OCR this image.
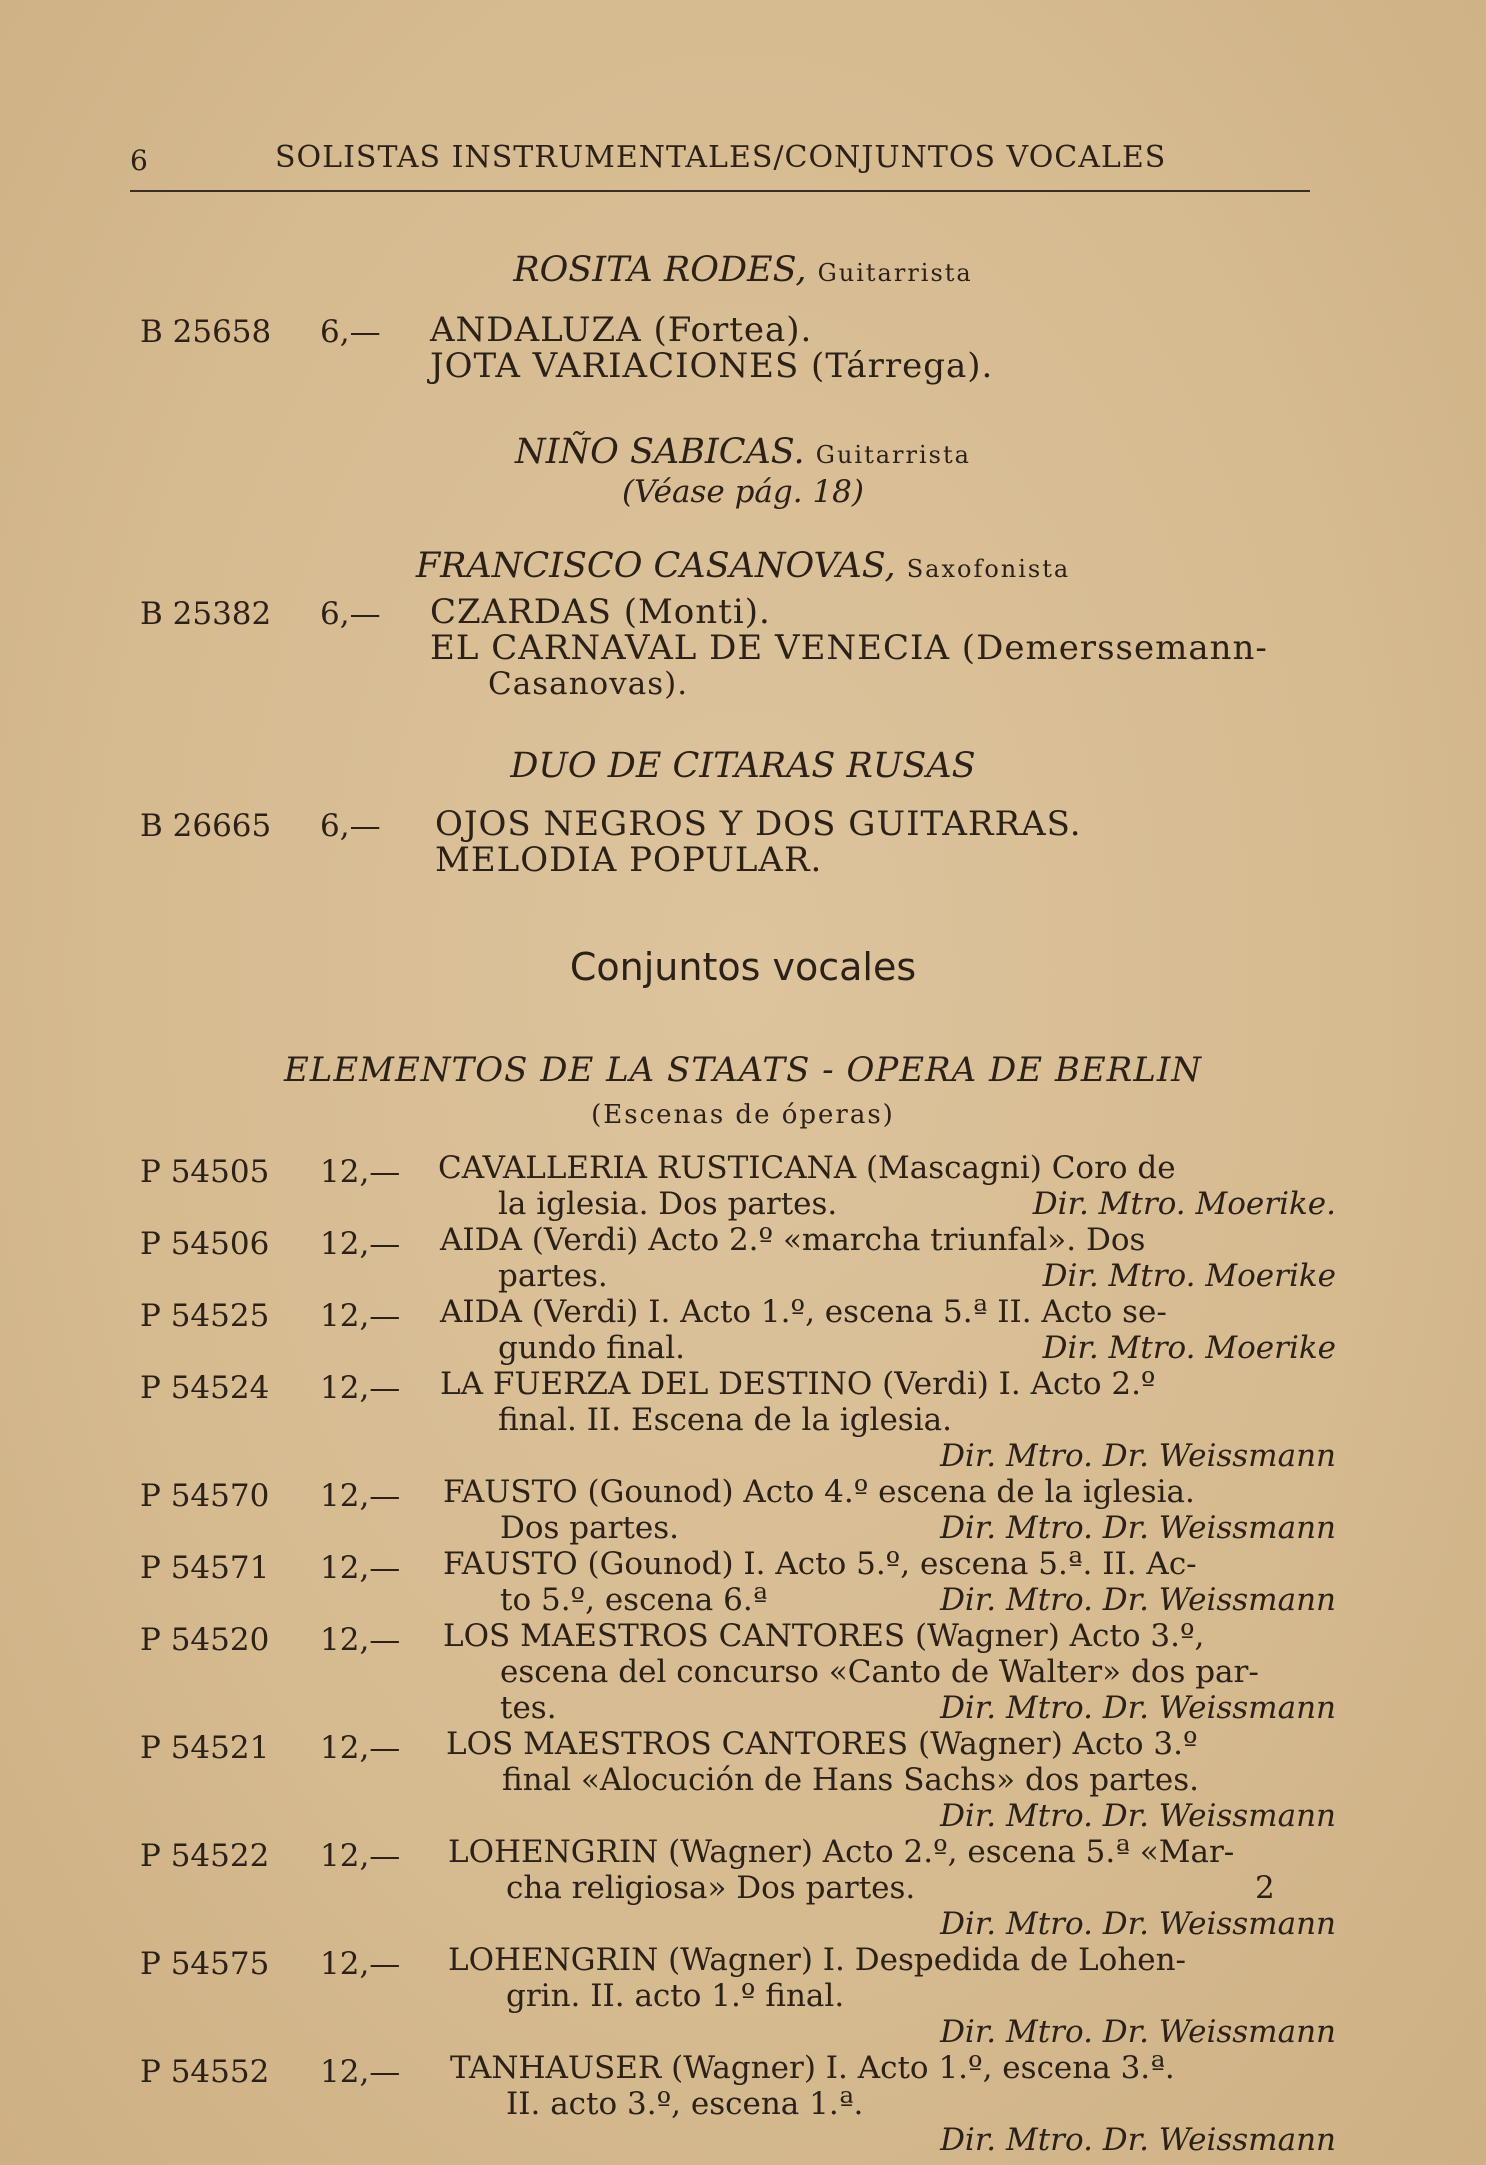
6	SOLISTAS INSTRUMENTALES/CONJUNTOS VOCALES
ROSITA RODES, Guitarrista
B 25658 6,— ANDALUZA (Fortea).
JOTA VARIACIONES (Tárrega).
NIÑO SABICAS. Guitarrista
(Véase pág. 18)
FRANCISCO CASANOVAS, Saxofonista
B 25382 6,— CZARDAS (Monti).
EL CARNAVAL DE VENECIA (Demerssemann-
Casanovas).
DUO DE CITARAS RUSAS
B 26665 6,— OJOS NEGROS Y DOS GUITARRAS.
MELODIA POPULAR.
Conjuntos vocales
ELEMENTOS DE LA STAATS - OPERA DE BERLIN
(Escenas de óperas)
P 54505 12,— CAVALLERIA RUSTICANA (Mascagni) Coro de
la iglesia. Dos partes.	Dir. Mtro. Moerike.
P 54506 12,— AIDA (Verdi) Acto 2.º «marcha triunfal». Dos
partes.	Dir. Mtro. Moerike
P 54525 12,— AIDA (Verdi) I. Acto 1.º, escena 5.ª II. Acto se-
gundo final.	Dir. Mtro. Moerike
P 54524 12,— LA FUERZA DEL DESTINO (Verdi) I. Acto 2.º
final. II. Escena de la iglesia.
Dir. Mtro. Dr. Weissmann
P 54570 12,— FAUSTO (Gounod) Acto 4.º escena de la iglesia.
Dos partes.	Dir. Mtro. Dr. Weissmann
P 54571 12,— FAUSTO (Gounod) I. Acto 5.º, escena 5.ª. II. Ac-
to 5.º, escena 6.ª	Dir. Mtro. Dr. Weissmann
P 54520 12,— LOS MAESTROS CANTORES (Wagner) Acto 3.º,
escena del concurso «Canto de Walter» dos par-
tes.	Dir. Mtro. Dr. Weissmann
P 54521 12,— LOS MAESTROS CANTORES (Wagner) Acto 3.º
final «Alocución de Hans Sachs» dos partes.
Dir. Mtro. Dr. Weissmann
P 54522 12,— LOHENGRIN (Wagner) Acto 2.º, escena 5.ª «Mar-
cha religiosa» Dos partes.	2
Dir. Mtro. Dr. Weissmann
P 54575 12,— LOHENGRIN (Wagner) I. Despedida de Lohen-
grin. II. acto 1.º final.
Dir. Mtro. Dr. Weissmann
P 54552 12,— TANHAUSER (Wagner) I. Acto 1.º, escena 3.ª.
II. acto 3.º, escena 1.ª.
Dir. Mtro. Dr. Weissmann
